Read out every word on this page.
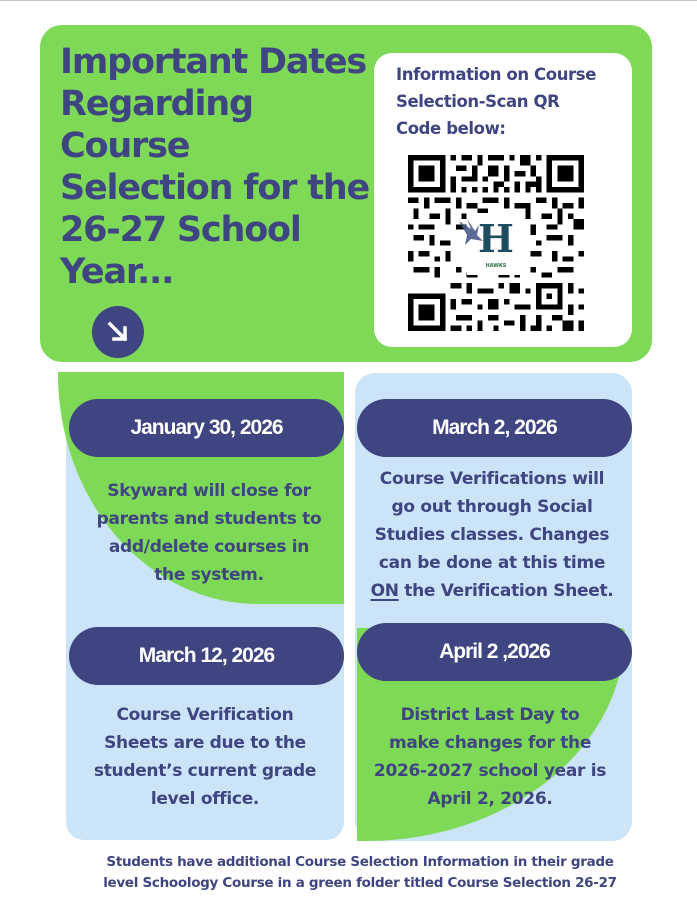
Important Dates
Regarding
Course
Selection for the
26-27 School
Year...
Information on Course
Selection-Scan QR
Code below:
H

HAWKS
January 30, 2026	March 2, 2026
March 12, 2026	April 2 ,2026
Skyward will close for
parents and students to
add/delete courses in
the system.
Course Verifications will
go out through Social
Studies classes. Changes
can be done at this time
ON the Verification Sheet.
Course Verification
Sheets are due to the
student’s current grade
level office.
District Last Day to
make changes for the
2026-2027 school year is
April 2, 2026.
Students have additional Course Selection Information in their grade
level Schoology Course in a green folder titled Course Selection 26-27
